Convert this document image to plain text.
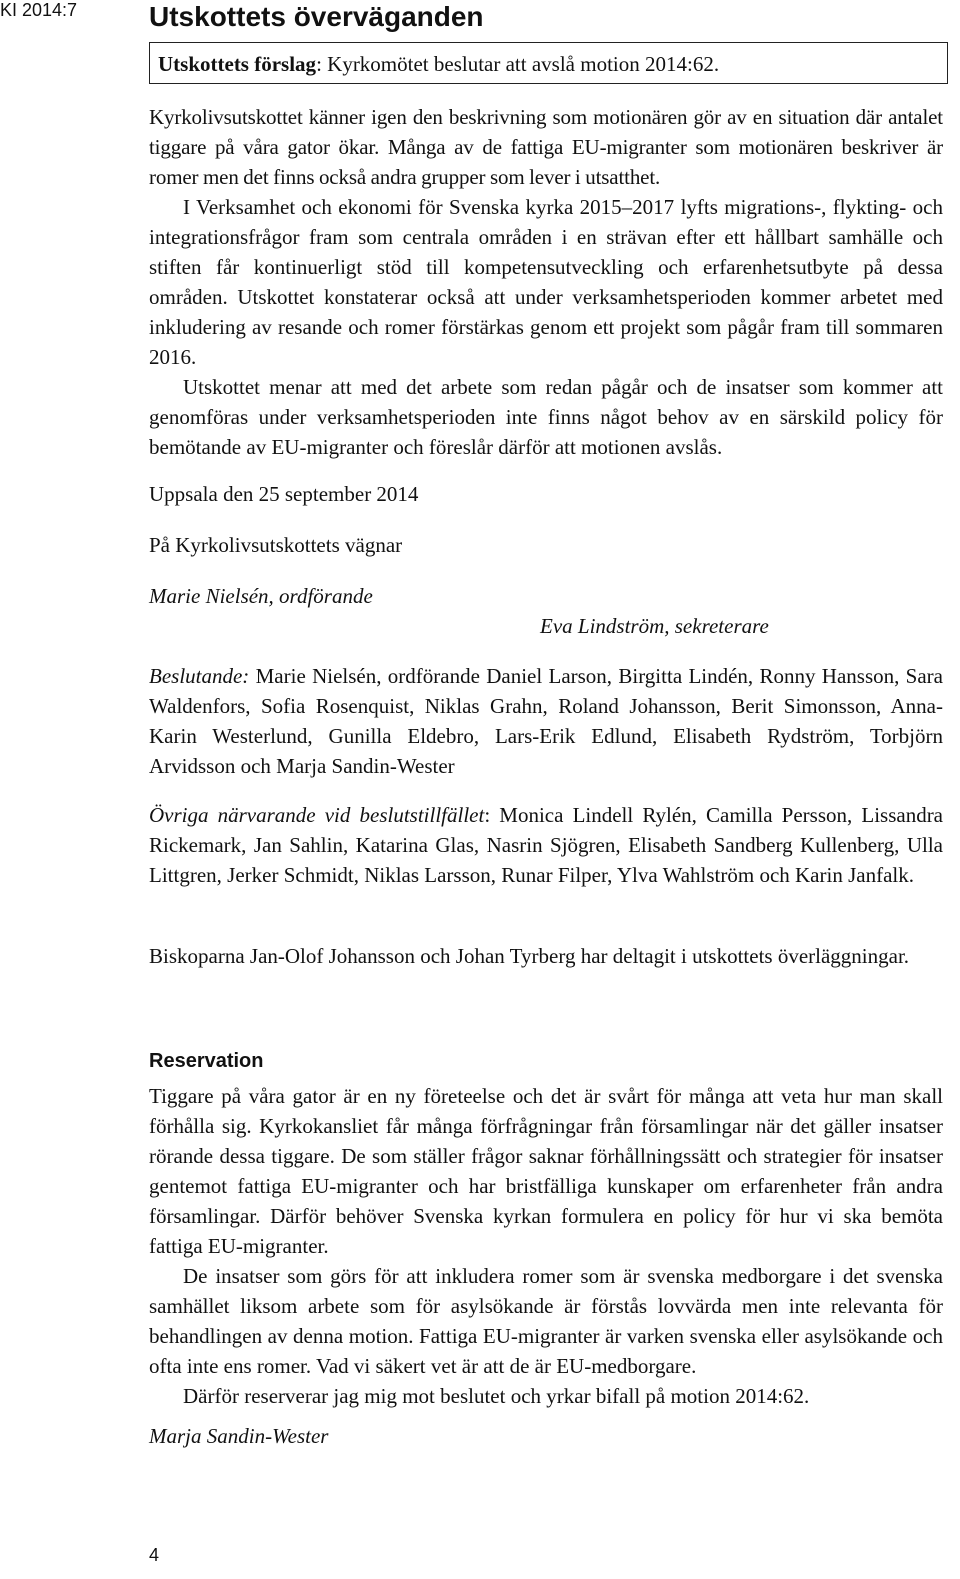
KI 2014:7	Utskottets överväganden
Utskottets förslag: Kyrkomötet beslutar att avslå motion 2014:62.

Kyrkolivsutskottet känner igen den beskrivning som motionären gör av en situation där antalet tiggare på våra gator ökar. Många av de fattiga EU-migranter som motionären beskriver är romer men det finns också andra grupper som lever i utsatthet.

I Verksamhet och ekonomi för Svenska kyrka 2015–2017 lyfts migrations-, flykting- och integrationsfrågor fram som centrala områden i en strävan efter ett hållbart samhälle och stiften får kontinuerligt stöd till kompetensutveckling och erfarenhetsutbyte på dessa områden. Utskottet konstaterar också att under verksamhetsperioden kommer arbetet med inkludering av resande och romer förstärkas genom ett projekt som pågår fram till sommaren 2016.

Utskottet menar att med det arbete som redan pågår och de insatser som kommer att genomföras under verksamhetsperioden inte finns något behov av en särskild policy för bemötande av EU-migranter och föreslår därför att motionen avslås.

Uppsala den 25 september 2014
På Kyrkolivsutskottets vägnar
Marie Nielsén, ordförande
Eva Lindström, sekreterare

Beslutande: Marie Nielsén, ordförande Daniel Larson, Birgitta Lindén, Ronny Hansson, Sara Waldenfors, Sofia Rosenquist, Niklas Grahn, Roland Johansson, Berit Simonsson, Anna-Karin Westerlund, Gunilla Eldebro, Lars-Erik Edlund, Elisabeth Rydström, Torbjörn Arvidsson och Marja Sandin-Wester

Övriga närvarande vid beslutstillfället: Monica Lindell Rylén, Camilla Persson, Lissandra Rickemark, Jan Sahlin, Katarina Glas, Nasrin Sjögren, Elisabeth Sandberg Kullenberg, Ulla Littgren, Jerker Schmidt, Niklas Larsson, Runar Filper, Ylva Wahlström och Karin Janfalk.

Biskoparna Jan-Olof Johansson och Johan Tyrberg har deltagit i utskottets överläggningar.

Reservation

Tiggare på våra gator är en ny företeelse och det är svårt för många att veta hur man skall förhålla sig. Kyrkokansliet får många förfrågningar från församlingar när det gäller insatser rörande dessa tiggare. De som ställer frågor saknar förhållningssätt och strategier för insatser gentemot fattiga EU-migranter och har bristfälliga kunskaper om erfarenheter från andra församlingar. Därför behöver Svenska kyrkan formulera en policy för hur vi ska bemöta fattiga EU-migranter.

De insatser som görs för att inkludera romer som är svenska medborgare i det svenska samhället liksom arbete som för asylsökande är förstås lovvärda men inte relevanta för behandlingen av denna motion. Fattiga EU-migranter är varken svenska eller asylsökande och ofta inte ens romer. Vad vi säkert vet är att de är EU-medborgare.

Därför reserverar jag mig mot beslutet och yrkar bifall på motion 2014:62.

Marja Sandin-Wester
4
